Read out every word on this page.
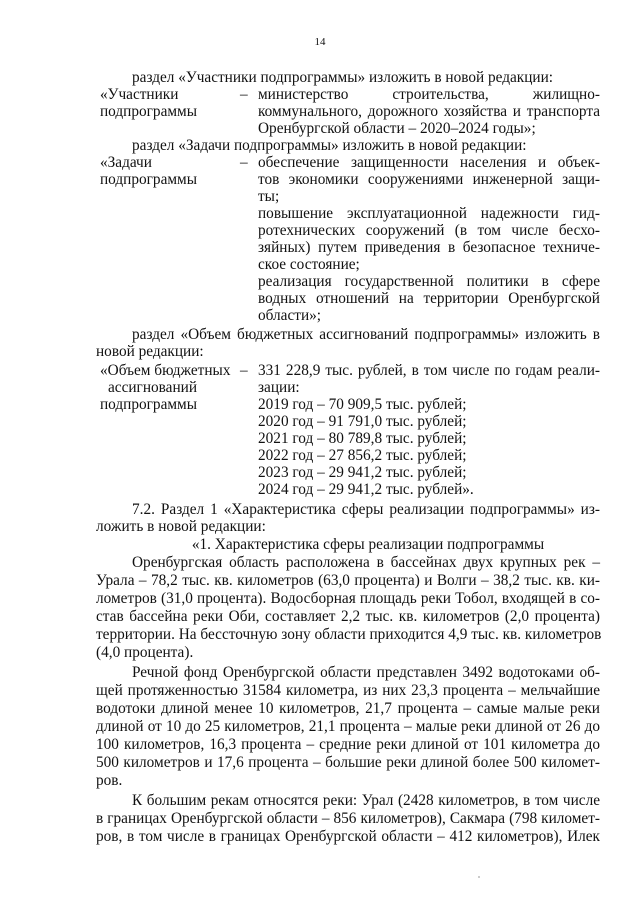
14
раздел «Участники подпрограммы» изложить в новой редакции:
«Участники
подпрограммы
– министерство строительства, жилищно-
коммунального, дорожного хозяйства и транспорта
Оренбургской области – 2020–2024 годы»;
раздел «Задачи подпрограммы» изложить в новой редакции:
«Задачи
подпрограммы
– обеспечение защищенности населения и объек-
тов экономики сооружениями инженерной защи-
ты;
повышение эксплуатационной надежности гид-
ротехнических сооружений (в том числе бесхо-
зяйных) путем приведения в безопасное техниче-
ское состояние;
реализация государственной политики в сфере
водных отношений на территории Оренбургской
области»;
раздел «Объем бюджетных ассигнований подпрограммы» изложить в
новой редакции:
«Объем бюджетных
ассигнований
подпрограммы
– 331 228,9 тыс. рублей, в том числе по годам реали-
зации:
2019 год – 70 909,5 тыс. рублей;
2020 год – 91 791,0 тыс. рублей;
2021 год – 80 789,8 тыс. рублей;
2022 год – 27 856,2 тыс. рублей;
2023 год – 29 941,2 тыс. рублей;
2024 год – 29 941,2 тыс. рублей».
7.2. Раздел 1 «Характеристика сферы реализации подпрограммы» из-
ложить в новой редакции:
«1. Характеристика сферы реализации подпрограммы
Оренбургская область расположена в бассейнах двух крупных рек –
Урала – 78,2 тыс. кв. километров (63,0 процента) и Волги – 38,2 тыс. кв. ки-
лометров (31,0 процента). Водосборная площадь реки Тобол, входящей в со-
став бассейна реки Оби, составляет 2,2 тыс. кв. километров (2,0 процента)
территории. На бессточную зону области приходится 4,9 тыс. кв. километров
(4,0 процента).
Речной фонд Оренбургской области представлен 3492 водотоками об-
щей протяженностью 31584 километра, из них 23,3 процента – мельчайшие
водотоки длиной менее 10 километров, 21,7 процента – самые малые реки
длиной от 10 до 25 километров, 21,1 процента – малые реки длиной от 26 до
100 километров, 16,3 процента – средние реки длиной от 101 километра до
500 километров и 17,6 процента – большие реки длиной более 500 километ-
ров.
К большим рекам относятся реки: Урал (2428 километров, в том числе
в границах Оренбургской области – 856 километров), Сакмара (798 километ-
ров, в том числе в границах Оренбургской области – 412 километров), Илек
